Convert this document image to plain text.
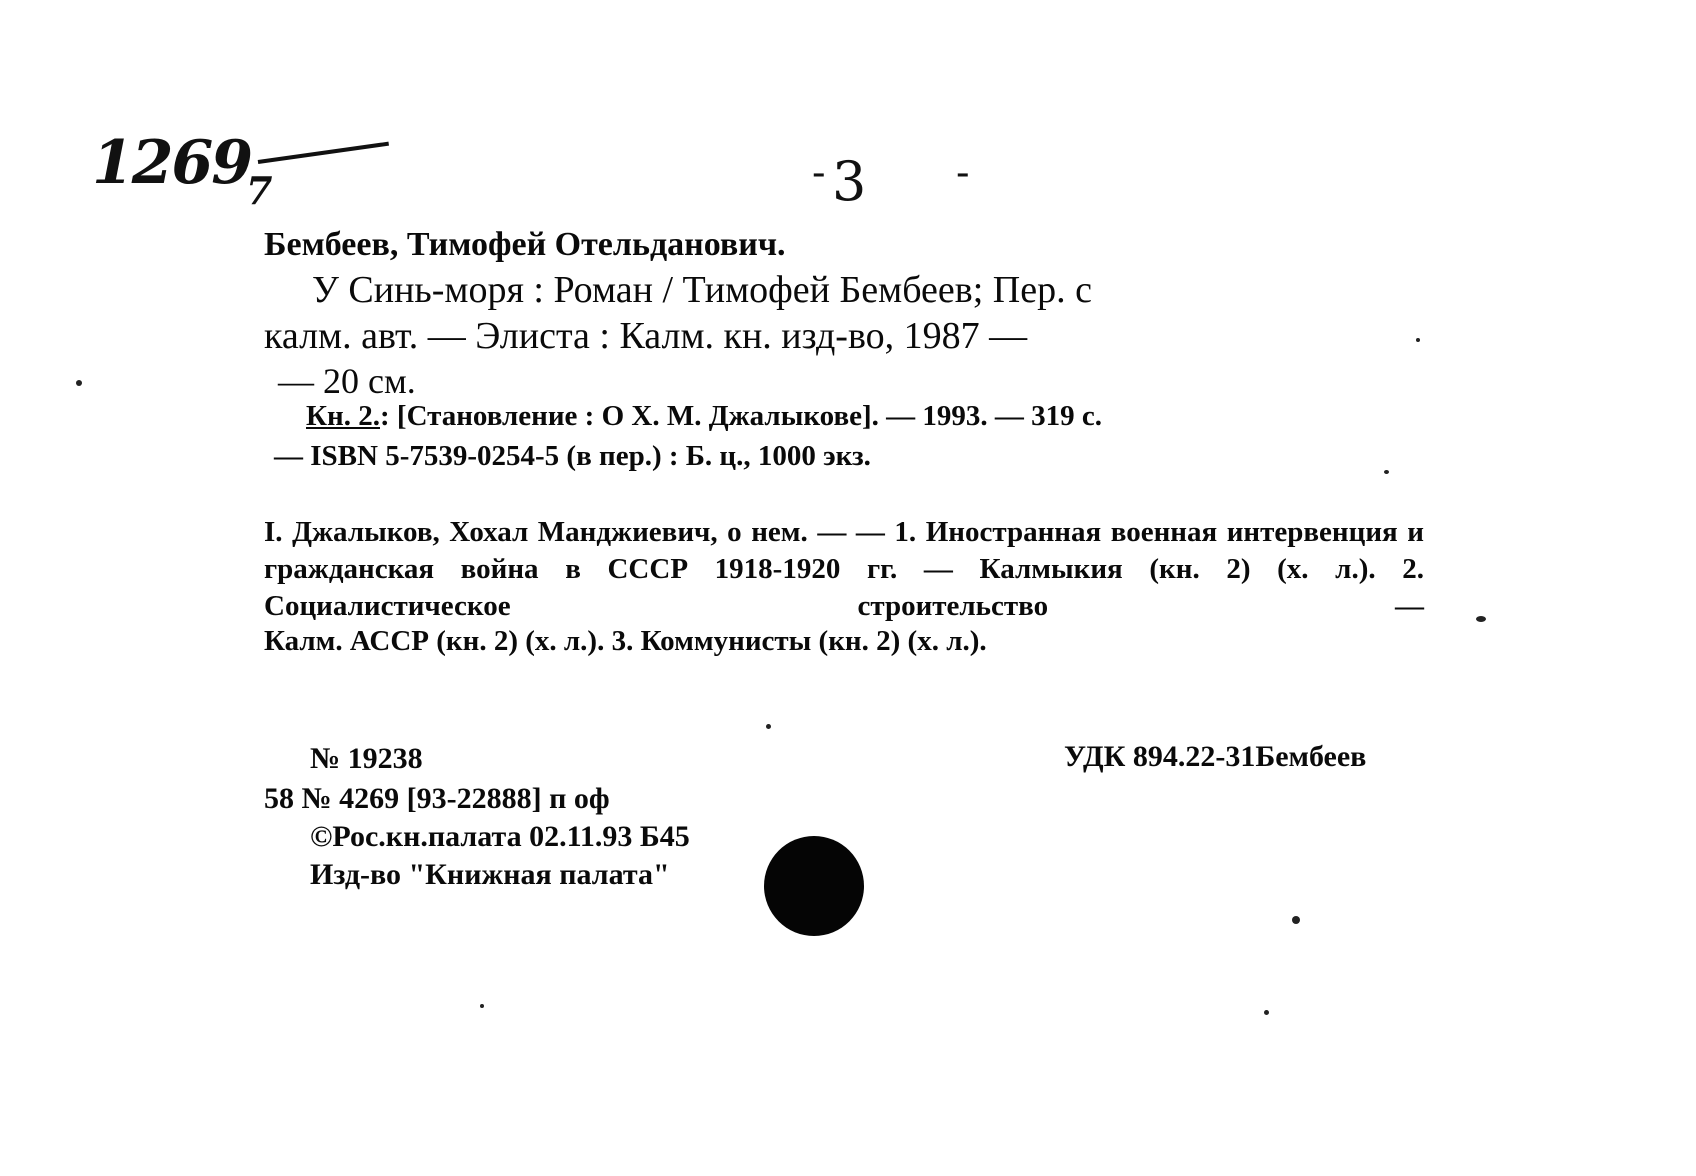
1269
7	- 3 -
Бембеев, Тимофей Отельданович.
У Синь-моря : Роман / Тимофей Бембеев; Пер. с
калм. авт. — Элиста : Калм. кн. изд-во, 1987 —
— 20 см.
Кн. 2.: [Становление : О Х. М. Джалыкове]. — 1993. — 319 с.
— ISBN 5-7539-0254-5 (в пер.) : Б. ц., 1000 экз.
I. Джалыков, Хохал Манджиевич, о нем. — — 1. Иностранная военная интервенция и гражданская война в СССР 1918-1920 гг. — Калмыкия (кн. 2) (х. л.). 2. Социалистическое строительство —
Калм. АССР (кн. 2) (х. л.). 3. Коммунисты (кн. 2) (х. л.).
№ 19238
58 № 4269 [93-22888] п оф
©Рос.кн.палата 02.11.93 Б45
Изд-во "Книжная палата"
УДК 894.22-31Бембеев
